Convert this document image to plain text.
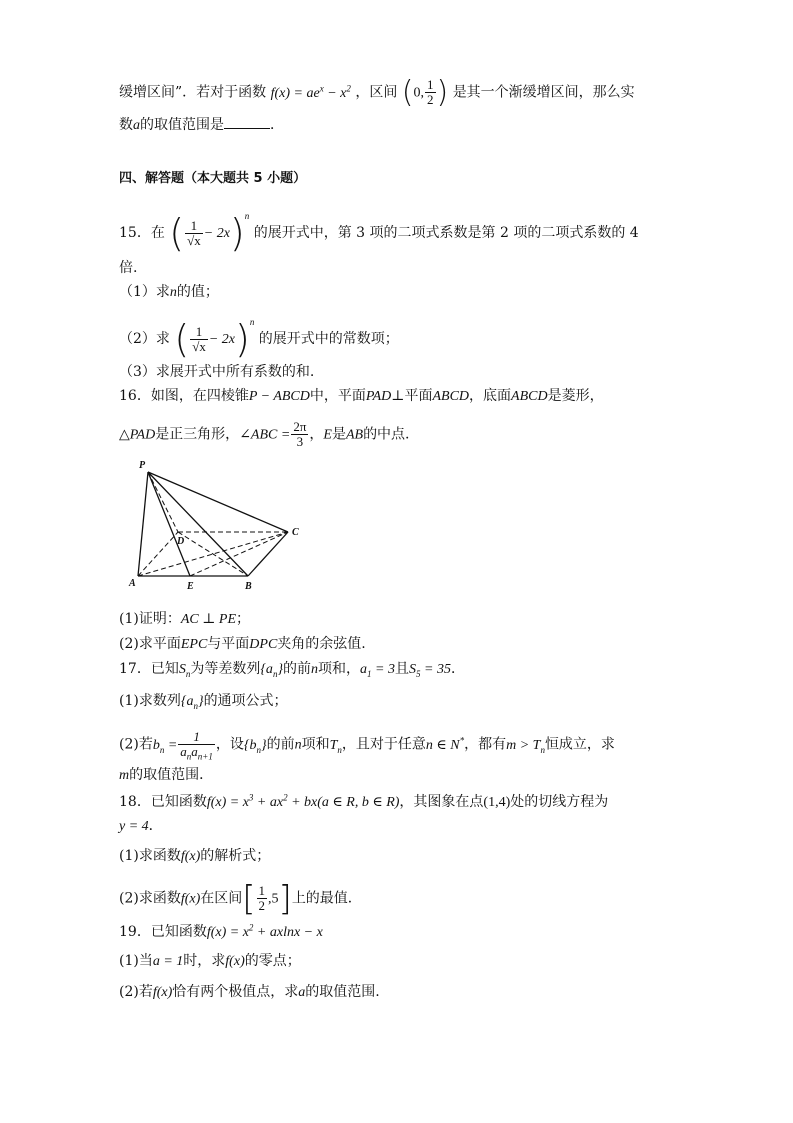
缓增区间”．若对于函数 $f(x) = ae^x - x^2$ ，区间 (0, $\frac{1}{2}$ ) 是其一个渐缓增区间，那么实
数a的取值范围是	．
四、解答题（本大题共 5 小题）
15．在 ( $\frac{1}{√x} - 2x)^n$ 的展开式中，第 3 项的二项式系数是第 2 项的二项式系数的 4
倍.
（1）求n的值；
（2）求 ( $\frac{1}{√x} - 2x)^n$ 的展开式中的常数项；
（3）求展开式中所有系数的和.
16．如图，在四棱锥P − ABCD中，平面PAD⊥平面ABCD，底面ABCD是菱形，
△PAD是正三角形，∠ABC = $\frac{2\pi}{3}$ ，E是AB的中点.
P
D
C
A	E	B
(1)证明：AC ⊥ PE；
(2)求平面EPC与平面DPC夹角的余弦值.
17．已知$S_n$为等差数列$\{a_n\}$的前n项和，$a_1 = 3$且$S_5 = 35$．
(1)求数列$\{a_n\}$的通项公式；
(2)若$b_n = \frac{1}{a_na_{n+1}}$ ，设$\{b_n\}$的前n项和$T_n$，且对于任意n ∈ N*，都有$m > T_n$恒成立，求
m的取值范围．
18．已知函数$f(x) = x^3 + ax^2 + bx(a$ ∈ R, b ∈ R)，其图象在点(1,4)处的切线方程为
y = 4．
(1)求函数f(x)的解析式；
(2)求函数f(x)在区间[ $\frac{1}{2} ,5$]上的最值．
19．已知函数$f(x) = x^2 + axlnx - x$
(1)当a = 1时，求f(x)的零点；
(2)若f(x)恰有两个极值点，求a的取值范围.
